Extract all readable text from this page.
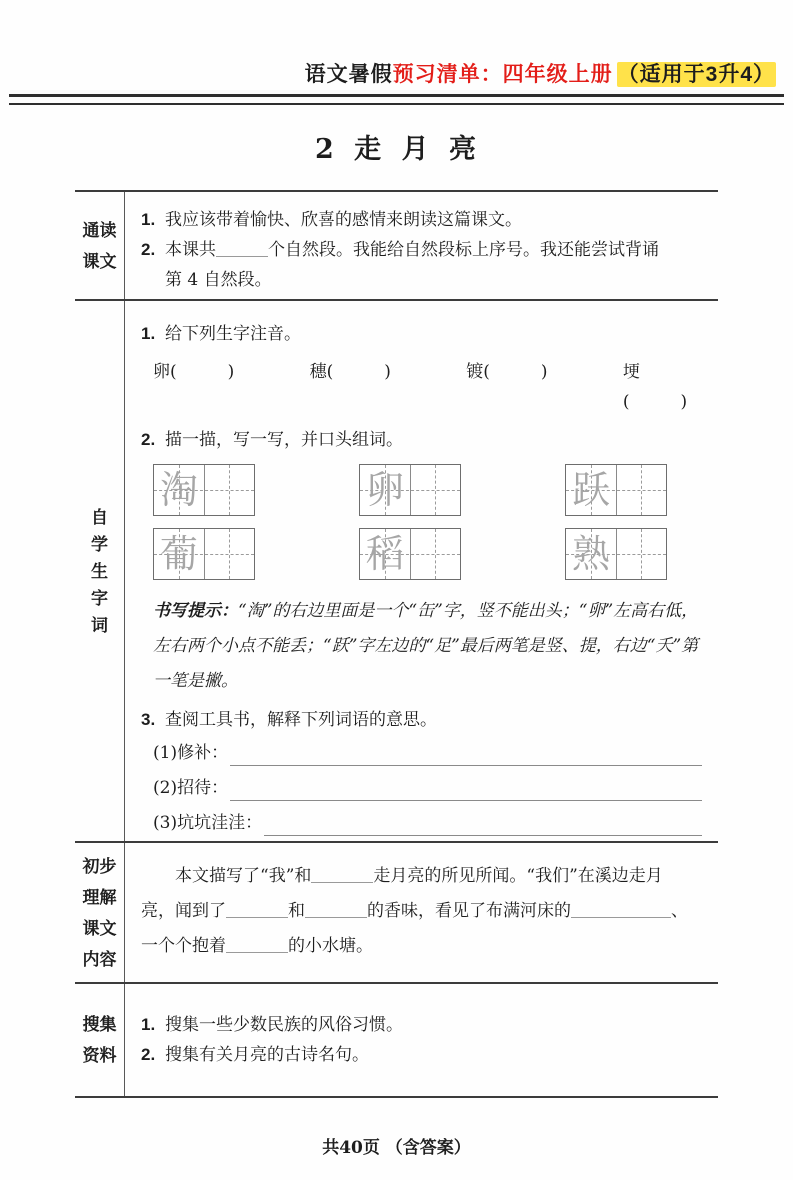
语文暑假预习清单：四年级上册 （适用于3升4）
2 走 月 亮
通读
课文
1. 我应该带着愉快、欣喜的感情来朗读这篇课文。
2. 本课共	个自然段。我能给自然段标上序号。我还能尝试背诵
第 4 自然段。
自
学
生
字
词
1. 给下列生字注音。
卵(　　　)	穗(　　　)	镀(　　　)	埂(　　　)
2. 描一描，写一写，并口头组词。
淘	卵	跃
葡	稻	熟

书写提示：“淘”的右边里面是一个“缶”字，竖不能出头；“卵”左高右低，左右两个小点不能丢；“跃”字左边的“足”最后两笔是竖、提，右边“夭”第一笔是撇。

3. 查阅工具书，解释下列词语的意思。
(1)修补：
(2)招待：
(3)坑坑洼洼：
初步
理解
课文
内容

本文描写了“我”和	走月亮的所见所闻。“我们”在溪边走月
亮，闻到了	和	的香味，看见了布满河床的	、
一个个抱着	的小水塘。

搜集
资料
1. 搜集一些少数民族的风俗习惯。
2. 搜集有关月亮的古诗名句。
共40页 （含答案）
